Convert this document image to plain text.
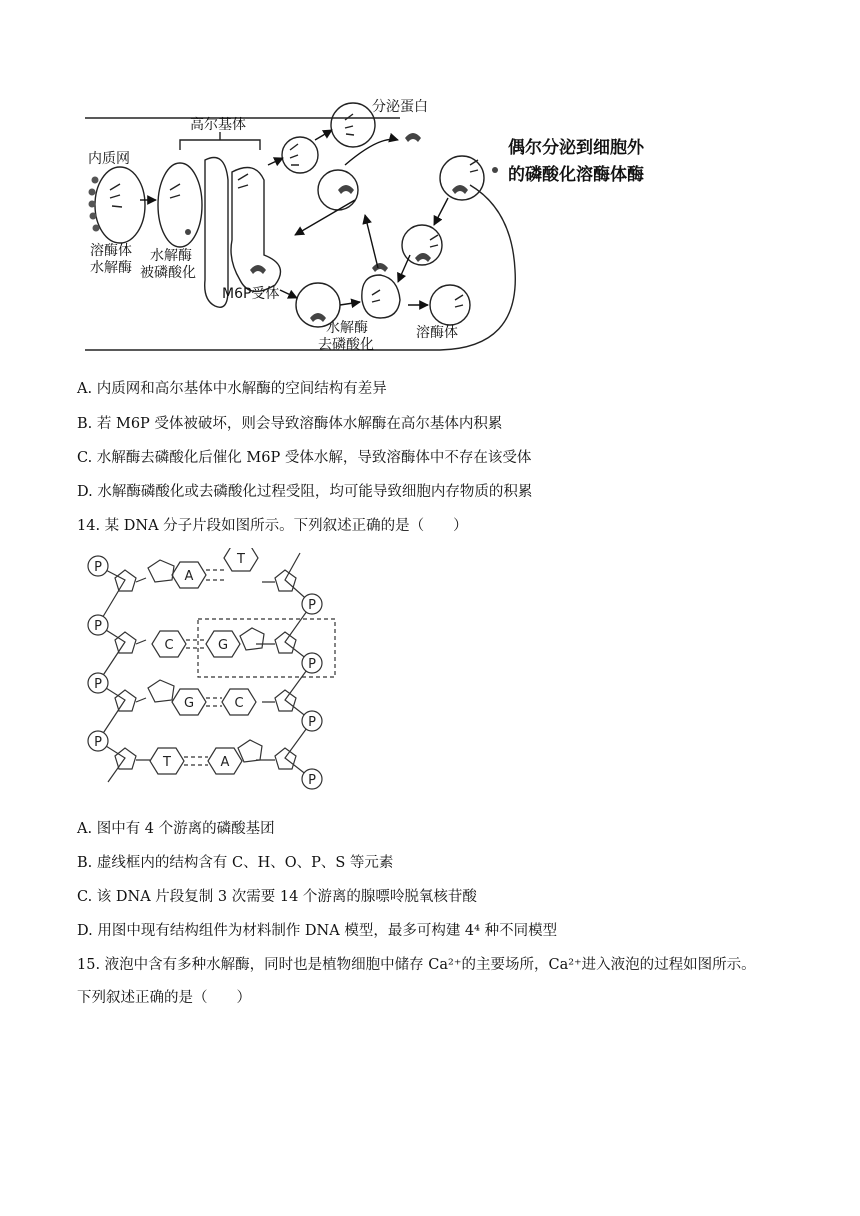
高尔基体
分泌蛋白
偶尔分泌到细胞外
的磷酸化溶酶体酶
内质网
溶酶体
水解酶
水解酶
被磷酸化
M6P受体
水解酶
去磷酸化
溶酶体
A. 内质网和高尔基体中水解酶的空间结构有差异
B. 若 M6P 受体被破坏，则会导致溶酶体水解酶在高尔基体内积累
C. 水解酶去磷酸化后催化 M6P 受体水解，导致溶酶体中不存在该受体
D. 水解酶磷酸化或去磷酸化过程受阻，均可能导致细胞内存物质的积累
14. 某 DNA 分子片段如图所示。下列叙述正确的是（　　）
P
P
P
P
P
P
P
P
A
C
G
T
T
G
C
A
A. 图中有 4 个游离的磷酸基团
B. 虚线框内的结构含有 C、H、O、P、S 等元素
C. 该 DNA 片段复制 3 次需要 14 个游离的腺嘌呤脱氧核苷酸
D. 用图中现有结构组件为材料制作 DNA 模型，最多可构建 4⁴ 种不同模型
15. 液泡中含有多种水解酶，同时也是植物细胞中储存 Ca²⁺的主要场所，Ca²⁺进入液泡的过程如图所示。
下列叙述正确的是（　　）
